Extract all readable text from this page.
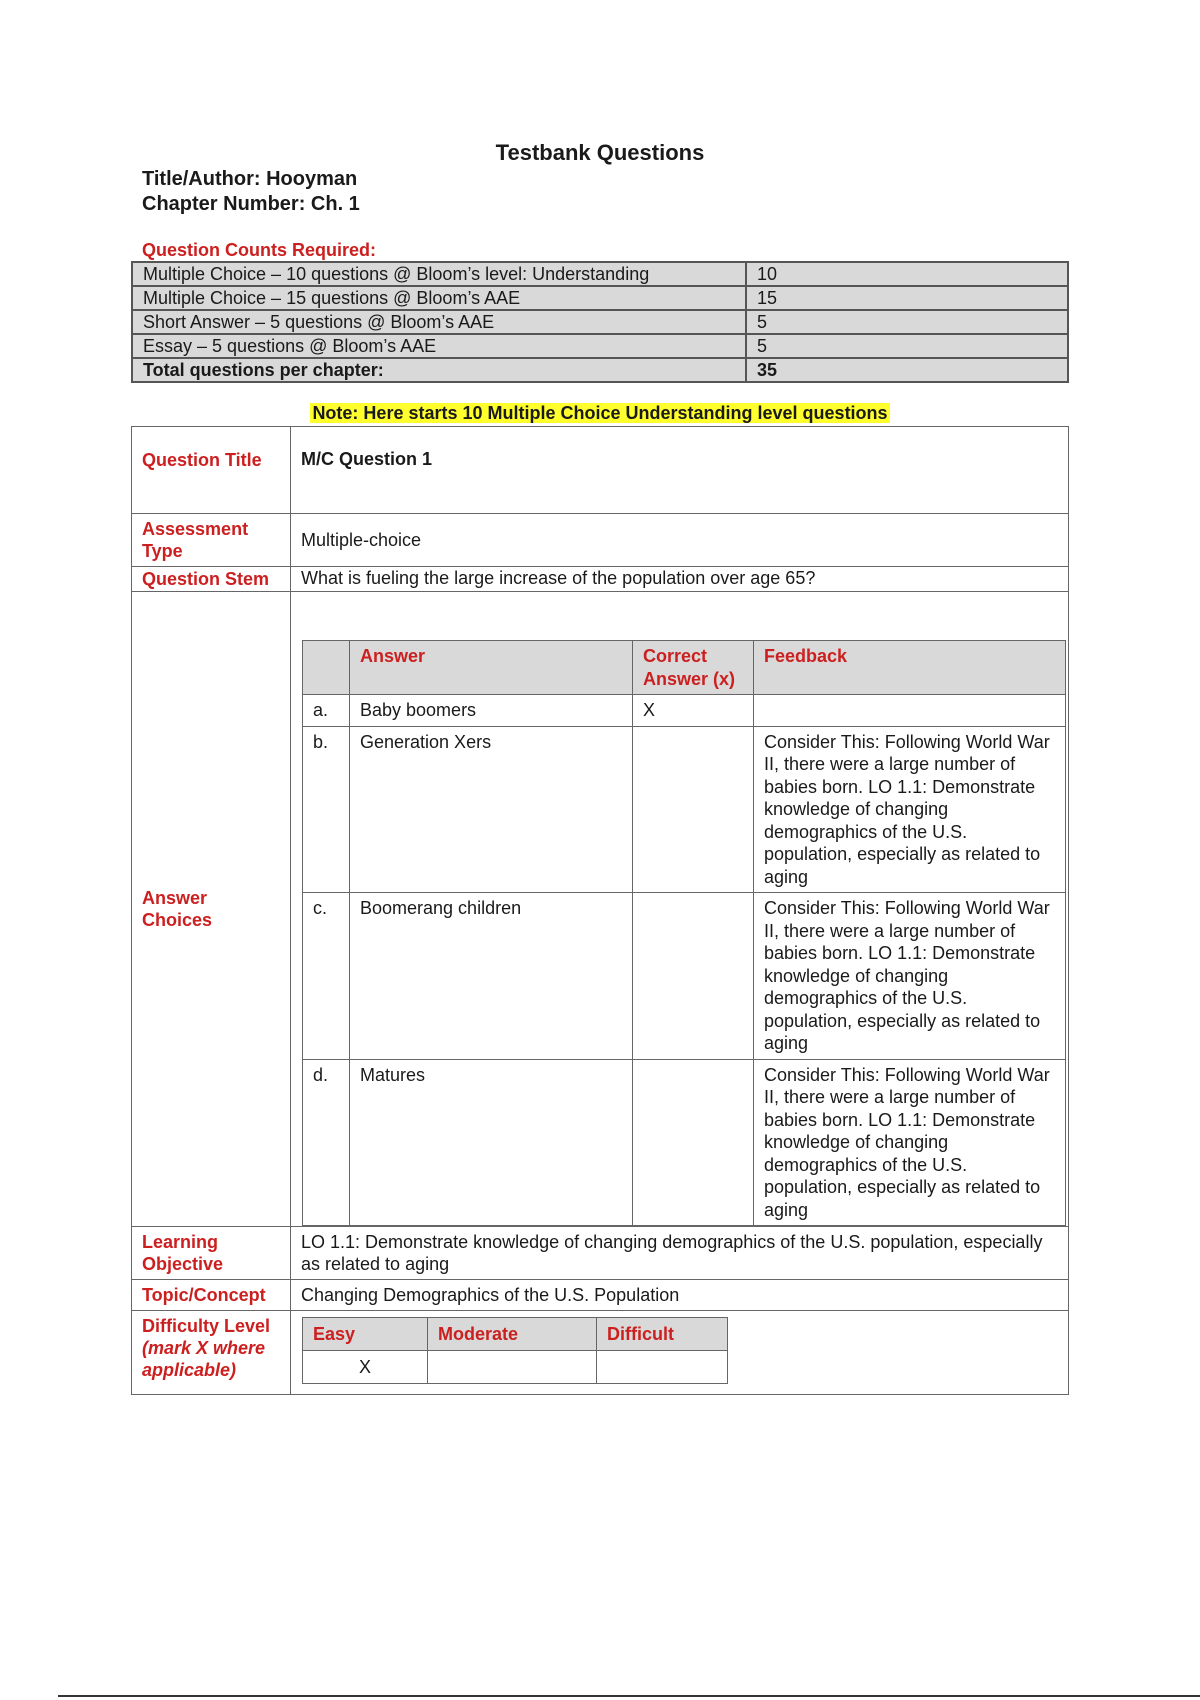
Testbank Questions
Title/Author: Hooyman
Chapter Number: Ch. 1
Question Counts Required:
Multiple Choice – 10 questions @ Bloom’s level: Understanding	10
Multiple Choice – 15 questions @ Bloom’s AAE	15
Short Answer – 5 questions @ Bloom’s AAE	5
Essay – 5 questions @ Bloom’s AAE	5
Total questions per chapter:	35
Note: Here starts 10 Multiple Choice Understanding level questions
Question Title	M/C Question 1
Assessment Type	Multiple-choice
Question Stem	What is fueling the large increase of the population over age 65?
Answer Choices	
	Answer	Correct Answer (x)	Feedback
a.	Baby boomers	X	
b.	Generation Xers		Consider This: Following World War II, there were a large number of babies born. LO 1.1: Demonstrate knowledge of changing demographics of the U.S. population, especially as related to aging
c.	Boomerang children		Consider This: Following World War II, there were a large number of babies born. LO 1.1: Demonstrate knowledge of changing demographics of the U.S. population, especially as related to aging
d.	Matures		Consider This: Following World War II, there were a large number of babies born. LO 1.1: Demonstrate knowledge of changing demographics of the U.S. population, especially as related to aging

Learning Objective	LO 1.1: Demonstrate knowledge of changing demographics of the U.S. population, especially as related to aging
Topic/Concept	Changing Demographics of the U.S. Population
Difficulty Level
(mark X where applicable)	
Easy	Moderate	Difficult
X		
